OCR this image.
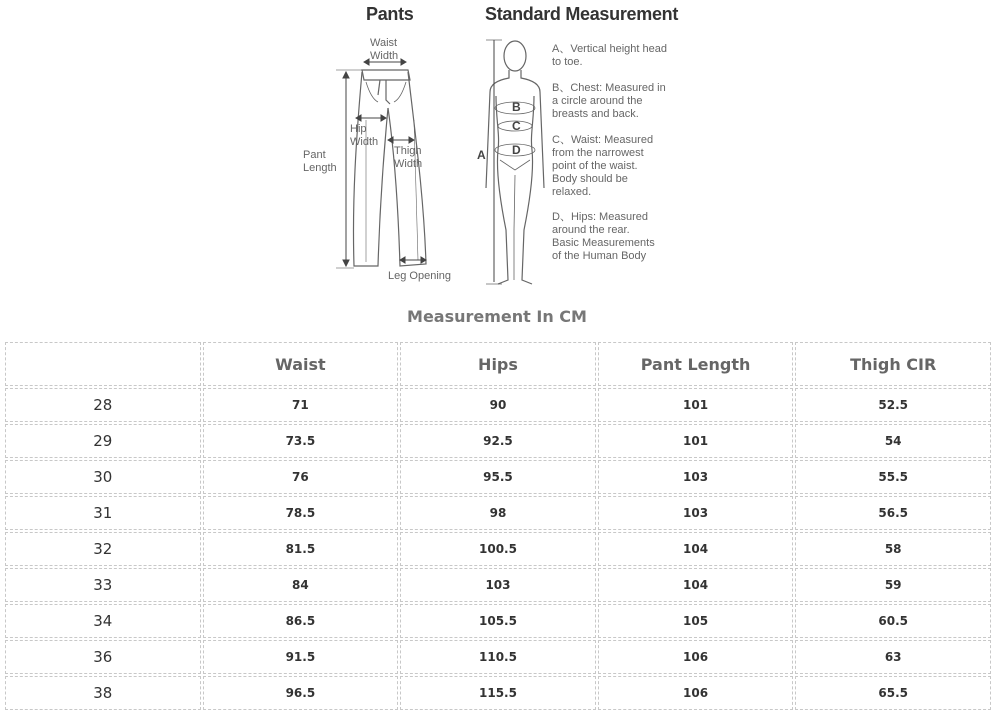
Pants	Standard Measurement
Waist
Width
Hip
Width
Thigh
Width
Pant
Length
Leg Opening
A
B
C
D
A、Vertical height head
to toe.
B、Chest: Measured in
a circle around the
breasts and back.
C、Waist: Measured
from the narrowest
point of the waist.
Body should be
relaxed.
D、Hips: Measured
around the rear.
Basic Measurements
of the Human Body
Measurement In CM
	Waist	Hips	Pant Length	Thigh CIR
28	71	90	101	52.5
29	73.5	92.5	101	54
30	76	95.5	103	55.5
31	78.5	98	103	56.5
32	81.5	100.5	104	58
33	84	103	104	59
34	86.5	105.5	105	60.5
36	91.5	110.5	106	63
38	96.5	115.5	106	65.5
